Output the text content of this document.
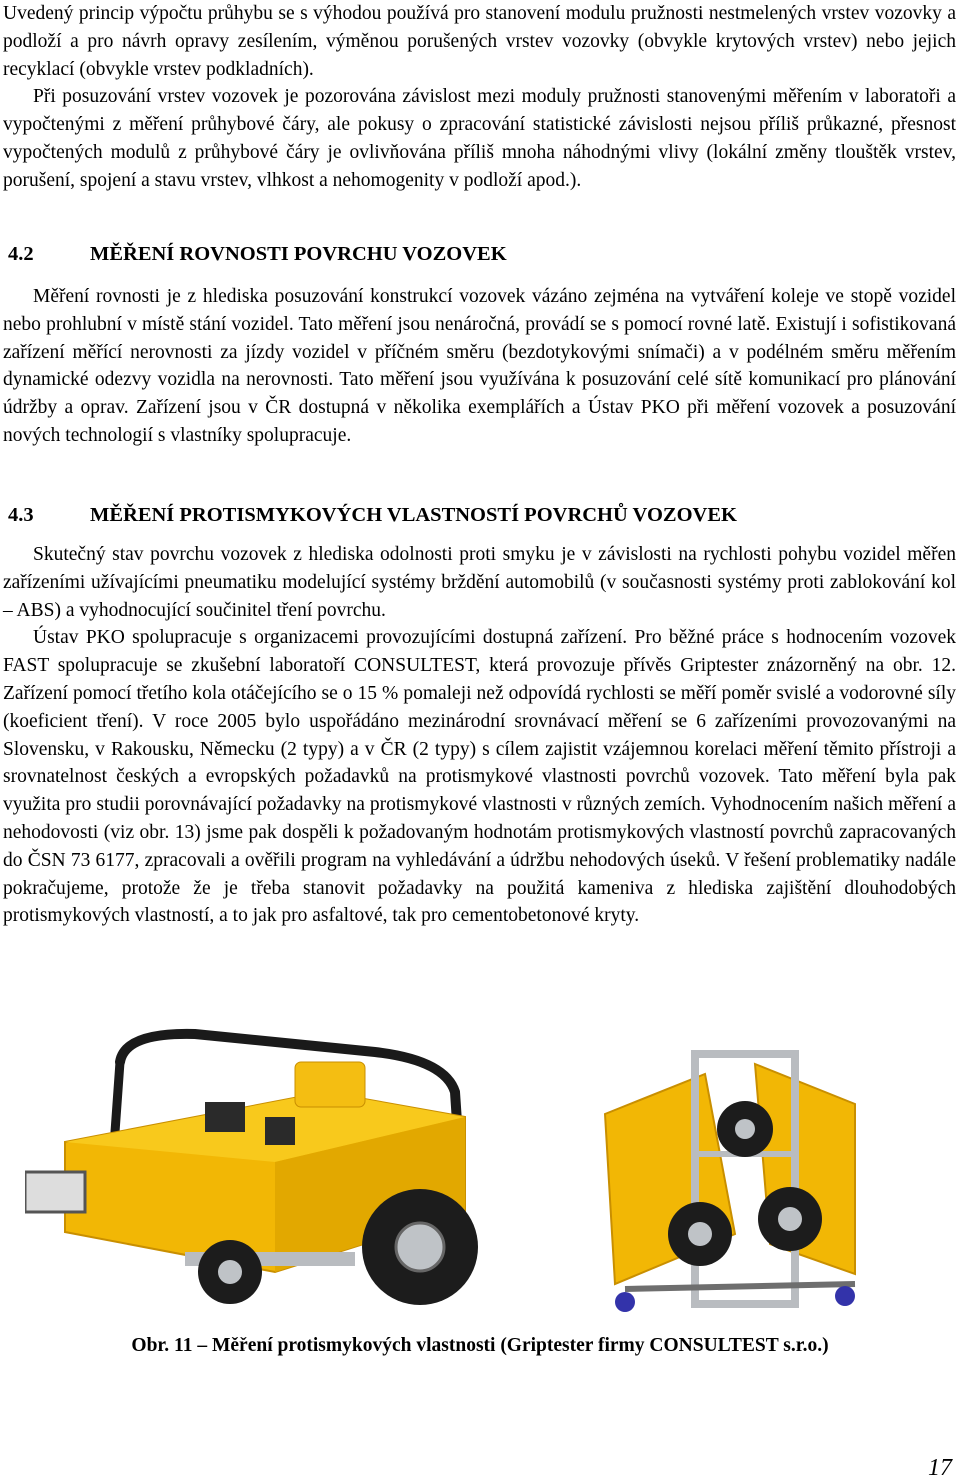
Uvedený princip výpočtu průhybu se s výhodou používá pro stanovení modulu pružnosti nestmelených vrstev vozovky a podloží a pro návrh opravy zesílením, výměnou porušených vrstev vozovky (obvykle krytových vrstev) nebo jejich recyklací (obvykle vrstev podkladních).

Při posuzování vrstev vozovek je pozorována závislost mezi moduly pružnosti stanovenými měřením v laboratoři a vypočtenými z měření průhybové čáry, ale pokusy o zpracování statistické závislosti nejsou příliš průkazné, přesnost vypočtených modulů z průhybové čáry je ovlivňována příliš mnoha náhodnými vlivy (lokální změny tlouštěk vrstev, porušení, spojení a stavu vrstev, vlhkost a nehomogenity v podloží apod.).

4.2	MĚŘENÍ ROVNOSTI POVRCHU VOZOVEK

Měření rovnosti je z hlediska posuzování konstrukcí vozovek vázáno zejména na vytváření koleje ve stopě vozidel nebo prohlubní v místě stání vozidel. Tato měření jsou nenáročná, provádí se s pomocí rovné latě. Existují i sofistikovaná zařízení měřící nerovnosti za jízdy vozidel v příčném směru (bezdotykovými snímači) a v podélném směru měřením dynamické odezvy vozidla na nerovnosti. Tato měření jsou využívána k posuzování celé sítě komunikací pro plánování údržby a oprav. Zařízení jsou v ČR dostupná v několika exemplářích a Ústav PKO při měření vozovek a posuzování nových technologií s vlastníky spolupracuje.

4.3	MĚŘENÍ PROTISMYKOVÝCH VLASTNOSTÍ POVRCHŮ VOZOVEK

Skutečný stav povrchu vozovek z hlediska odolnosti proti smyku je v závislosti na rychlosti pohybu vozidel měřen zařízeními užívajícími pneumatiku modelující systémy brždění automobilů (v současnosti systémy proti zablokování kol – ABS) a vyhodnocující součinitel tření povrchu.

Ústav PKO spolupracuje s organizacemi provozujícími dostupná zařízení. Pro běžné práce s hodnocením vozovek FAST spolupracuje se zkušební laboratoří CONSULTEST, která provozuje přívěs Griptester znázorněný na obr. 12. Zařízení pomocí třetího kola otáčejícího se o 15 % pomaleji než odpovídá rychlosti se měří poměr svislé a vodorovné síly (koeficient tření). V roce 2005 bylo uspořádáno mezinárodní srovnávací měření se 6 zařízeními provozovanými na Slovensku, v Rakousku, Německu (2 typy) a v ČR (2 typy) s cílem zajistit vzájemnou korelaci měření těmito přístroji a srovnatelnost českých a evropských požadavků na protismykové vlastnosti povrchů vozovek. Tato měření byla pak využita pro studii porovnávající požadavky na protismykové vlastnosti v různých zemích. Vyhodnocením našich měření a nehodovosti (viz obr. 13) jsme pak dospěli k požadovaným hodnotám protismykových vlastností povrchů zapracovaných do ČSN 73 6177, zpracovali a ověřili program na vyhledávání a údržbu nehodových úseků. V řešení problematiky nadále pokračujeme, protože že je třeba stanovit požadavky na použitá kameniva z hlediska zajištění dlouhodobých protismykových vlastností, a to jak pro asfaltové, tak pro cementobetonové kryty.

Obr. 11 – Měření protismykových vlastnosti (Griptester firmy CONSULTEST s.r.o.)
17
